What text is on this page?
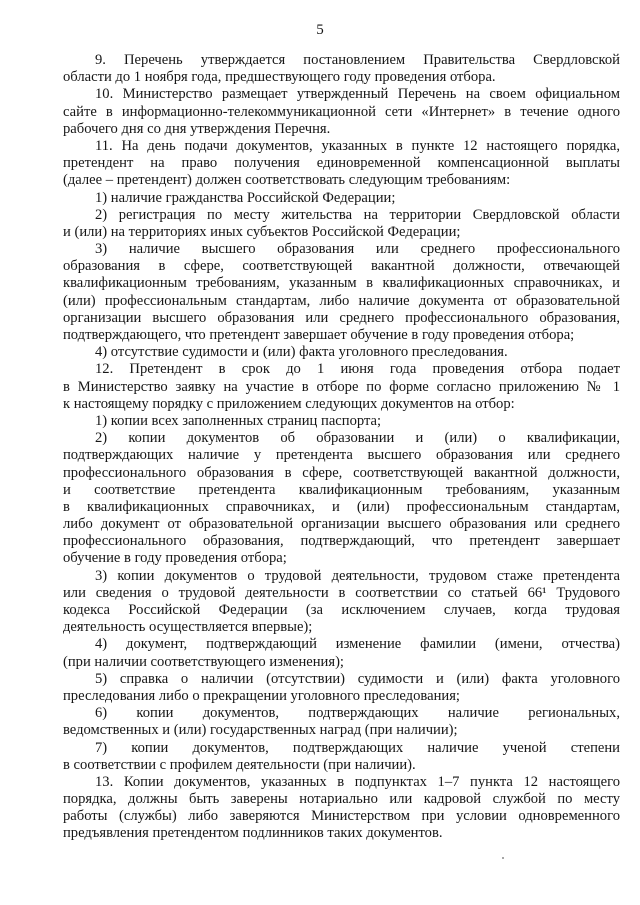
5
9. Перечень утверждается постановлением Правительства Свердловской
области до 1 ноября года, предшествующего году проведения отбора.
10. Министерство размещает утвержденный Перечень на своем официальном
сайте в информационно-телекоммуникационной сети «Интернет» в течение одного
рабочего дня со дня утверждения Перечня.
11. На день подачи документов, указанных в пункте 12 настоящего порядка,
претендент на право получения единовременной компенсационной выплаты
(далее – претендент) должен соответствовать следующим требованиям:
1) наличие гражданства Российской Федерации;
2) регистрация по месту жительства на территории Свердловской области
и (или) на территориях иных субъектов Российской Федерации;
3) наличие высшего образования или среднего профессионального
образования в сфере, соответствующей вакантной должности, отвечающей
квалификационным требованиям, указанным в квалификационных справочниках, и
(или) профессиональным стандартам, либо наличие документа от образовательной
организации высшего образования или среднего профессионального образования,
подтверждающего, что претендент завершает обучение в году проведения отбора;
4) отсутствие судимости и (или) факта уголовного преследования.
12. Претендент в срок до 1 июня года проведения отбора подает
в Министерство заявку на участие в отборе по форме согласно приложению № 1
к настоящему порядку с приложением следующих документов на отбор:
1) копии всех заполненных страниц паспорта;
2) копии документов об образовании и (или) о квалификации,
подтверждающих наличие у претендента высшего образования или среднего
профессионального образования в сфере, соответствующей вакантной должности,
и соответствие претендента квалификационным требованиям, указанным
в квалификационных справочниках, и (или) профессиональным стандартам,
либо документ от образовательной организации высшего образования или среднего
профессионального образования, подтверждающий, что претендент завершает
обучение в году проведения отбора;
3) копии документов о трудовой деятельности, трудовом стаже претендента
или сведения о трудовой деятельности в соответствии со статьей 66¹ Трудового
кодекса Российской Федерации (за исключением случаев, когда трудовая
деятельность осуществляется впервые);
4) документ, подтверждающий изменение фамилии (имени, отчества)
(при наличии соответствующего изменения);
5) справка о наличии (отсутствии) судимости и (или) факта уголовного
преследования либо о прекращении уголовного преследования;
6) копии документов, подтверждающих наличие региональных,
ведомственных и (или) государственных наград (при наличии);
7) копии документов, подтверждающих наличие ученой степени
в соответствии с профилем деятельности (при наличии).
13. Копии документов, указанных в подпунктах 1–7 пункта 12 настоящего
порядка, должны быть заверены нотариально или кадровой службой по месту
работы (службы) либо заверяются Министерством при условии одновременного
предъявления претендентом подлинников таких документов.
